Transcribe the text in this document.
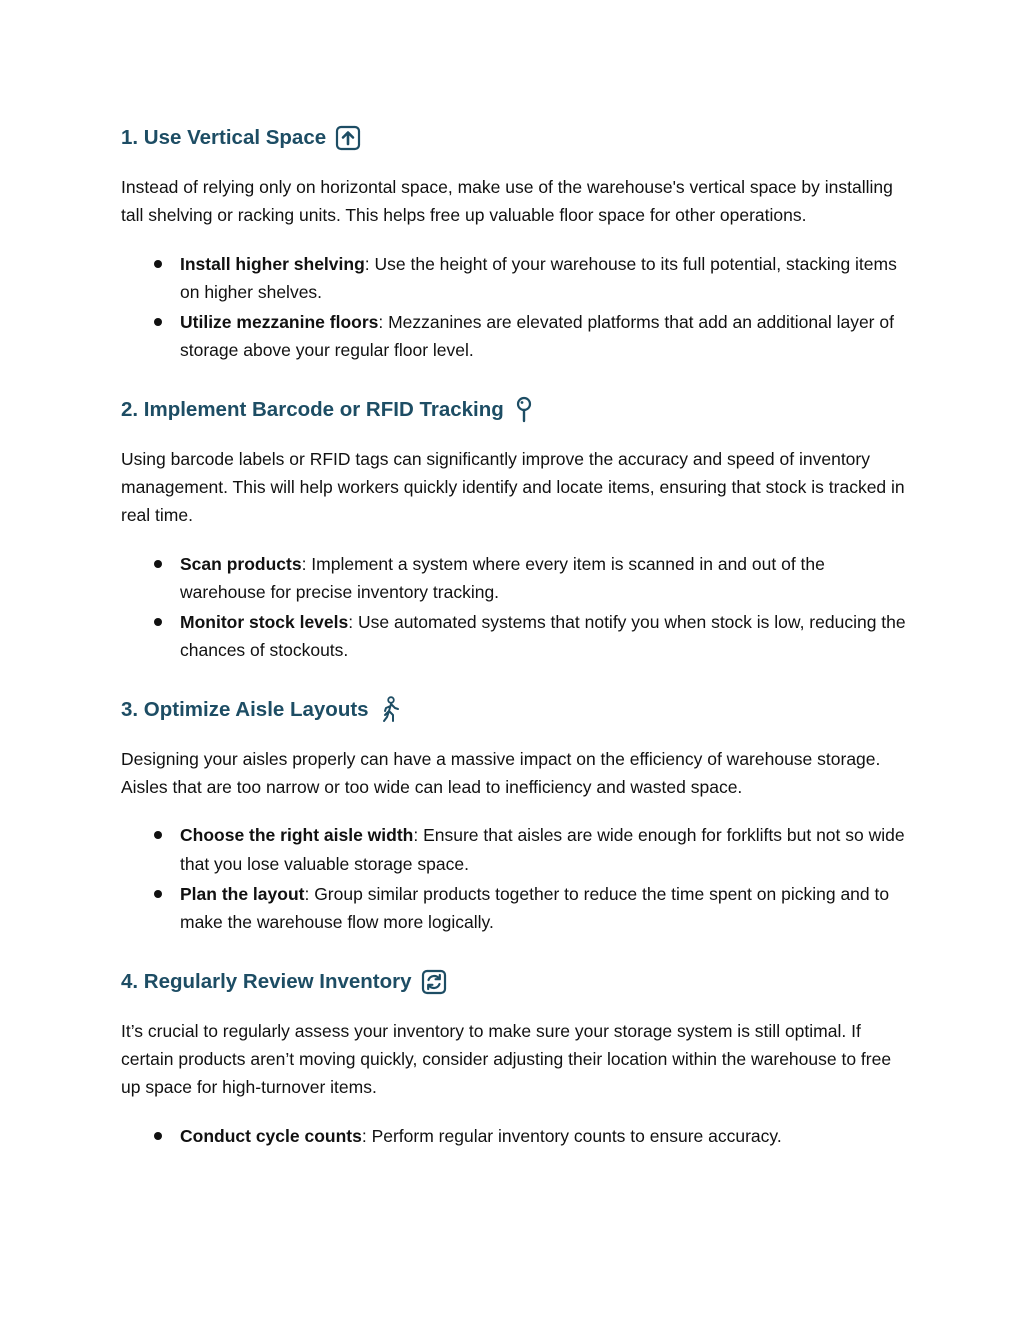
1. Use Vertical Space

Instead of relying only on horizontal space, make use of the warehouse's vertical space by installing tall shelving or racking units. This helps free up valuable floor space for other operations.

Install higher shelving: Use the height of your warehouse to its full potential, stacking items on higher shelves.
Utilize mezzanine floors: Mezzanines are elevated platforms that add an additional layer of storage above your regular floor level.
2. Implement Barcode or RFID Tracking

Using barcode labels or RFID tags can significantly improve the accuracy and speed of inventory management. This will help workers quickly identify and locate items, ensuring that stock is tracked in real time.

Scan products: Implement a system where every item is scanned in and out of the warehouse for precise inventory tracking.
Monitor stock levels: Use automated systems that notify you when stock is low, reducing the chances of stockouts.
3. Optimize Aisle Layouts

Designing your aisles properly can have a massive impact on the efficiency of warehouse storage. Aisles that are too narrow or too wide can lead to inefficiency and wasted space.

Choose the right aisle width: Ensure that aisles are wide enough for forklifts but not so wide that you lose valuable storage space.
Plan the layout: Group similar products together to reduce the time spent on picking and to make the warehouse flow more logically.
4. Regularly Review Inventory

It’s crucial to regularly assess your inventory to make sure your storage system is still optimal. If certain products aren’t moving quickly, consider adjusting their location within the warehouse to free up space for high-turnover items.

Conduct cycle counts: Perform regular inventory counts to ensure accuracy.
